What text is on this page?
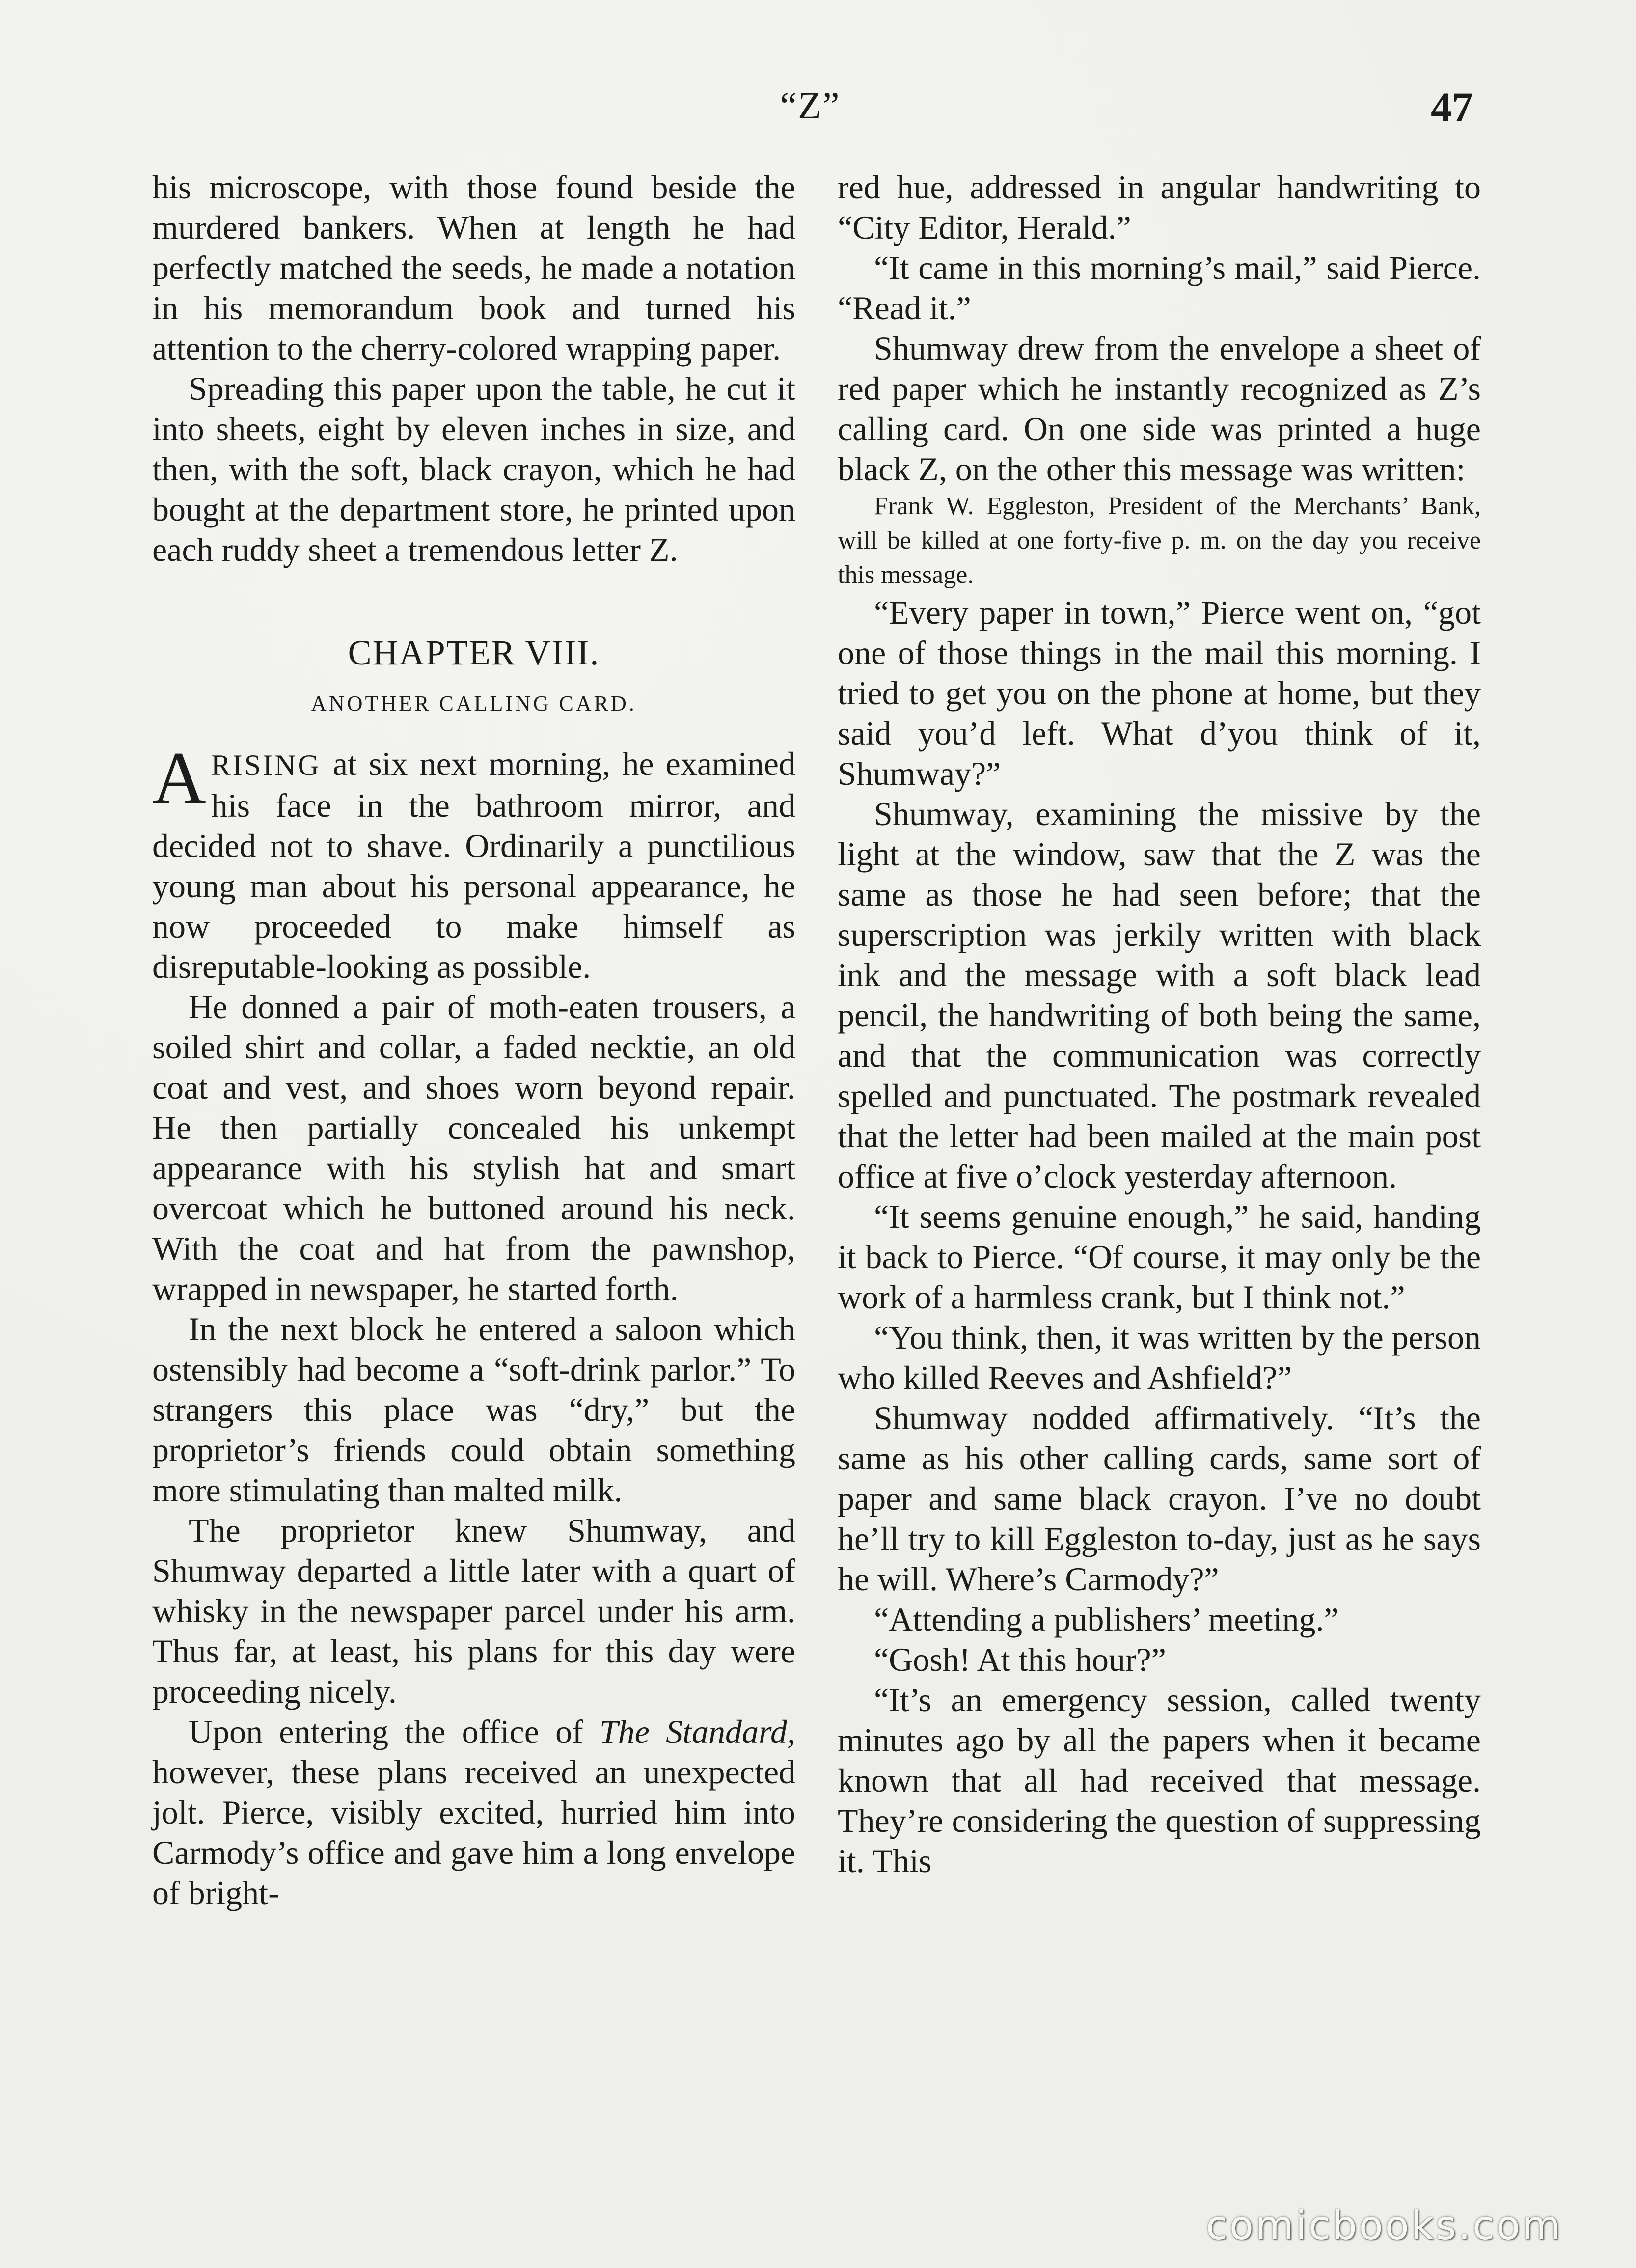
“Z”	47

his microscope, with those found beside the murdered bankers. When at length he had perfectly matched the seeds, he made a notation in his memorandum book and turned his attention to the cherry-colored wrapping paper.

Spreading this paper upon the table, he cut it into sheets, eight by eleven inches in size, and then, with the soft, black crayon, which he had bought at the department store, he printed upon each ruddy sheet a tremendous letter Z.

CHAPTER VIII.
ANOTHER CALLING CARD.

ARISING at six next morning, he examined his face in the bathroom mirror, and decided not to shave. Ordinarily a punctilious young man about his personal appearance, he now proceeded to make himself as disreputable-looking as possible.

He donned a pair of moth-eaten trousers, a soiled shirt and collar, a faded necktie, an old coat and vest, and shoes worn beyond repair. He then partially concealed his unkempt appearance with his stylish hat and smart overcoat which he buttoned around his neck. With the coat and hat from the pawnshop, wrapped in newspaper, he started forth.

In the next block he entered a saloon which ostensibly had become a “soft-drink parlor.” To strangers this place was “dry,” but the proprietor’s friends could obtain something more stimulating than malted milk.

The proprietor knew Shumway, and Shumway departed a little later with a quart of whisky in the newspaper parcel under his arm. Thus far, at least, his plans for this day were proceeding nicely.

Upon entering the office of The Standard, however, these plans received an unexpected jolt. Pierce, visibly excited, hurried him into Carmody’s office and gave him a long envelope of bright-

red hue, addressed in angular handwriting to “City Editor, Herald.”

“It came in this morning’s mail,” said Pierce. “Read it.”

Shumway drew from the envelope a sheet of red paper which he instantly recognized as Z’s calling card. On one side was printed a huge black Z, on the other this message was written:

Frank W. Eggleston, President of the Merchants’ Bank, will be killed at one forty-five p. m. on the day you receive this message.

“Every paper in town,” Pierce went on, “got one of those things in the mail this morning. I tried to get you on the phone at home, but they said you’d left. What d’you think of it, Shumway?”

Shumway, examining the missive by the light at the window, saw that the Z was the same as those he had seen before; that the superscription was jerkily written with black ink and the message with a soft black lead pencil, the handwriting of both being the same, and that the communication was correctly spelled and punctuated. The postmark revealed that the letter had been mailed at the main post office at five o’clock yesterday afternoon.

“It seems genuine enough,” he said, handing it back to Pierce. “Of course, it may only be the work of a harmless crank, but I think not.”

“You think, then, it was written by the person who killed Reeves and Ashfield?”

Shumway nodded affirmatively. “It’s the same as his other calling cards, same sort of paper and same black crayon. I’ve no doubt he’ll try to kill Eggleston to-day, just as he says he will. Where’s Carmody?”

“Attending a publishers’ meeting.”

“Gosh! At this hour?”

“It’s an emergency session, called twenty minutes ago by all the papers when it became known that all had received that message. They’re considering the question of suppressing it. This

comicbooks.com
